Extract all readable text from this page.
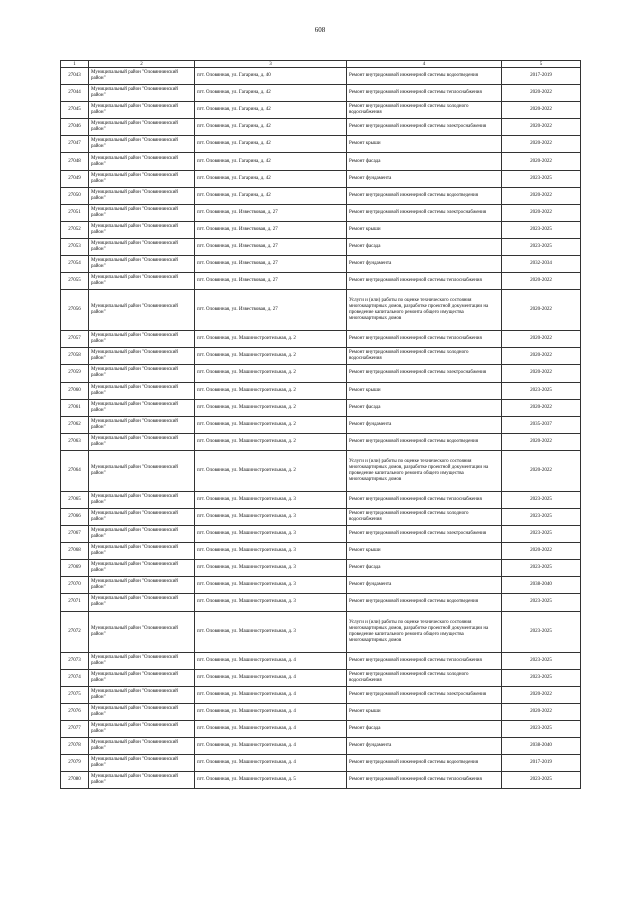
608
1	2	3	4	5
27043	Муниципальный район "Оловяннинский район"	пгт. Оловянная, ул. Гагарина, д. 40	Ремонт внутридомовой инженерной системы водоотведения	2017-2019
27044	Муниципальный район "Оловяннинский район"	пгт. Оловянная, ул. Гагарина, д. 42	Ремонт внутридомовой инженерной системы теплоснабжения	2020-2022
27045	Муниципальный район "Оловяннинский район"	пгт. Оловянная, ул. Гагарина, д. 42	Ремонт внутридомовой инженерной системы холодного водоснабжения	2020-2022
27046	Муниципальный район "Оловяннинский район"	пгт. Оловянная, ул. Гагарина, д. 42	Ремонт внутридомовой инженерной системы электроснабжения	2020-2022
27047	Муниципальный район "Оловяннинский район"	пгт. Оловянная, ул. Гагарина, д. 42	Ремонт крыши	2020-2022
27048	Муниципальный район "Оловяннинский район"	пгт. Оловянная, ул. Гагарина, д. 42	Ремонт фасада	2020-2022
27049	Муниципальный район "Оловяннинский район"	пгт. Оловянная, ул. Гагарина, д. 42	Ремонт фундамента	2023-2025
27050	Муниципальный район "Оловяннинский район"	пгт. Оловянная, ул. Гагарина, д. 42	Ремонт внутридомовой инженерной системы водоотведения	2020-2022
27051	Муниципальный район "Оловяннинский район"	пгт. Оловянная, ул. Извествовая, д. 27	Ремонт внутридомовой инженерной системы электроснабжения	2020-2022
27052	Муниципальный район "Оловяннинский район"	пгт. Оловянная, ул. Извествовая, д. 27	Ремонт крыши	2023-2025
27053	Муниципальный район "Оловяннинский район"	пгт. Оловянная, ул. Извествовая, д. 27	Ремонт фасада	2023-2025
27054	Муниципальный район "Оловяннинский район"	пгт. Оловянная, ул. Извествовая, д. 27	Ремонт фундамента	2032-2034
27055	Муниципальный район "Оловяннинский район"	пгт. Оловянная, ул. Извествовая, д. 27	Ремонт внутридомовой инженерной системы теплоснабжения	2020-2022
27056	Муниципальный район "Оловяннинский район"	пгт. Оловянная, ул. Извествовая, д. 27	Услуги и (или) работы по оценке технического состояния многоквартирных домов, разработке проектной документации на проведение капитального ремонта общего имущества многоквартирных домов	2020-2022
27057	Муниципальный район "Оловяннинский район"	пгт. Оловянная, ул. Машиностроительная, д. 2	Ремонт внутридомовой инженерной системы теплоснабжения	2020-2022
27058	Муниципальный район "Оловяннинский район"	пгт. Оловянная, ул. Машиностроительная, д. 2	Ремонт внутридомовой инженерной системы холодного водоснабжения	2020-2022
27059	Муниципальный район "Оловяннинский район"	пгт. Оловянная, ул. Машиностроительная, д. 2	Ремонт внутридомовой инженерной системы электроснабжения	2020-2022
27060	Муниципальный район "Оловяннинский район"	пгт. Оловянная, ул. Машиностроительная, д. 2	Ремонт крыши	2023-2025
27061	Муниципальный район "Оловяннинский район"	пгт. Оловянная, ул. Машиностроительная, д. 2	Ремонт фасада	2020-2022
27062	Муниципальный район "Оловяннинский район"	пгт. Оловянная, ул. Машиностроительная, д. 2	Ремонт фундамента	2035-2037
27063	Муниципальный район "Оловяннинский район"	пгт. Оловянная, ул. Машиностроительная, д. 2	Ремонт внутридомовой инженерной системы водоотведения	2020-2022
27064	Муниципальный район "Оловяннинский район"	пгт. Оловянная, ул. Машиностроительная, д. 2	Услуги и (или) работы по оценке технического состояния многоквартирных домов, разработке проектной документации на проведение капитального ремонта общего имущества многоквартирных домов	2020-2022
27065	Муниципальный район "Оловяннинский район"	пгт. Оловянная, ул. Машиностроительная, д. 3	Ремонт внутридомовой инженерной системы теплоснабжения	2023-2025
27066	Муниципальный район "Оловяннинский район"	пгт. Оловянная, ул. Машиностроительная, д. 3	Ремонт внутридомовой инженерной системы холодного водоснабжения	2023-2025
27067	Муниципальный район "Оловяннинский район"	пгт. Оловянная, ул. Машиностроительная, д. 3	Ремонт внутридомовой инженерной системы электроснабжения	2023-2025
27068	Муниципальный район "Оловяннинский район"	пгт. Оловянная, ул. Машиностроительная, д. 3	Ремонт крыши	2020-2022
27069	Муниципальный район "Оловяннинский район"	пгт. Оловянная, ул. Машиностроительная, д. 3	Ремонт фасада	2023-2025
27070	Муниципальный район "Оловяннинский район"	пгт. Оловянная, ул. Машиностроительная, д. 3	Ремонт фундамента	2038-2040
27071	Муниципальный район "Оловяннинский район"	пгт. Оловянная, ул. Машиностроительная, д. 3	Ремонт внутридомовой инженерной системы водоотведения	2023-2025
27072	Муниципальный район "Оловяннинский район"	пгт. Оловянная, ул. Машиностроительная, д. 3	Услуги и (или) работы по оценке технического состояния многоквартирных домов, разработке проектной документации на проведение капитального ремонта общего имущества многоквартирных домов	2023-2025
27073	Муниципальный район "Оловяннинский район"	пгт. Оловянная, ул. Машиностроительная, д. 4	Ремонт внутридомовой инженерной системы теплоснабжения	2023-2025
27074	Муниципальный район "Оловяннинский район"	пгт. Оловянная, ул. Машиностроительная, д. 4	Ремонт внутридомовой инженерной системы холодного водоснабжения	2023-2025
27075	Муниципальный район "Оловяннинский район"	пгт. Оловянная, ул. Машиностроительная, д. 4	Ремонт внутридомовой инженерной системы электроснабжения	2020-2022
27076	Муниципальный район "Оловяннинский район"	пгт. Оловянная, ул. Машиностроительная, д. 4	Ремонт крыши	2020-2022
27077	Муниципальный район "Оловяннинский район"	пгт. Оловянная, ул. Машиностроительная, д. 4	Ремонт фасада	2023-2025
27078	Муниципальный район "Оловяннинский район"	пгт. Оловянная, ул. Машиностроительная, д. 4	Ремонт фундамента	2038-2040
27079	Муниципальный район "Оловяннинский район"	пгт. Оловянная, ул. Машиностроительная, д. 4	Ремонт внутридомовой инженерной системы водоотведения	2017-2019
27080	Муниципальный район "Оловяннинский район"	пгт. Оловянная, ул. Машиностроительная, д. 5	Ремонт внутридомовой инженерной системы теплоснабжения	2023-2025
